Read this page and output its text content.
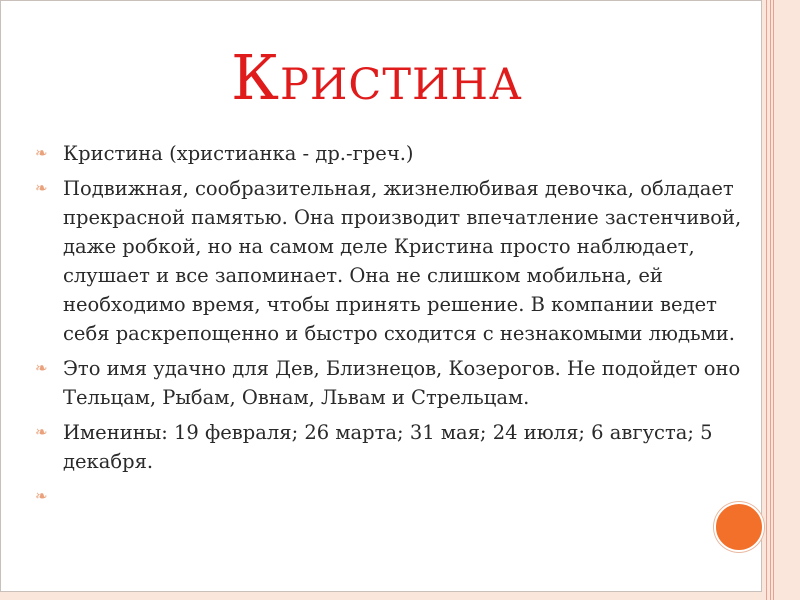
Кристина
❧ Кристина (христианка - др.-греч.)
❧ Подвижная, сообразительная, жизнелюбивая девочка, обладает прекрасной памятью. Она производит впечатление застенчивой, даже робкой, но на самом деле Кристина просто наблюдает, слушает и все запоминает. Она не слишком мобильна, ей необходимо время, чтобы принять решение. В компании ведет себя раскрепощенно и быстро сходится с незнакомыми людьми.
❧ Это имя удачно для Дев, Близнецов, Козерогов. Не подойдет оно Тельцам, Рыбам, Овнам, Львам и Стрельцам.
❧ Именины: 19 февраля; 26 марта; 31 мая; 24 июля; 6 августа; 5 декабря.
❧
